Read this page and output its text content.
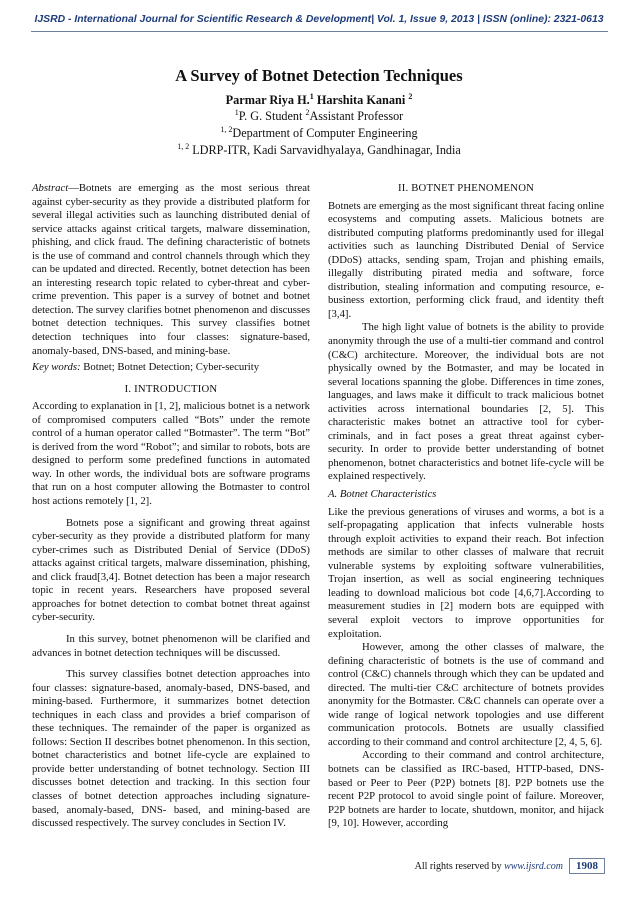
IJSRD - International Journal for Scientific Research & Development| Vol. 1, Issue 9, 2013 | ISSN (online): 2321-0613
A Survey of Botnet Detection Techniques
Parmar Riya H.$^1$ Harshita Kanani $^2$
$^1$P. G. Student $^2$Assistant Professor
$^{1, 2}$Department of Computer Engineering
$^{1, 2}$ LDRP-ITR, Kadi Sarvavidhyalaya, Gandhinagar, India

Abstract—Botnets are emerging as the most serious threat against cyber-security as they provide a distributed platform for several illegal activities such as launching distributed denial of service attacks against critical targets, malware dissemination, phishing, and click fraud. The defining characteristic of botnets is the use of command and control channels through which they can be updated and directed. Recently, botnet detection has been an interesting research topic related to cyber-threat and cyber-crime prevention. This paper is a survey of botnet and botnet detection. The survey clarifies botnet phenomenon and discusses botnet detection techniques. This survey classifies botnet detection techniques into four classes: signature-based, anomaly-based, DNS-based, and mining-base.

Key words: Botnet; Botnet Detection; Cyber-security

I. INTRODUCTION

According to explanation in [1, 2], malicious botnet is a network of compromised computers called “Bots” under the remote control of a human operator called “Botmaster”. The term “Bot” is derived from the word “Robot”; and similar to robots, bots are designed to perform some predefined functions in automated way. In other words, the individual bots are software programs that run on a host computer allowing the Botmaster to control host actions remotely [1, 2].

Botnets pose a significant and growing threat against cyber-security as they provide a distributed platform for many cyber-crimes such as Distributed Denial of Service (DDoS) attacks against critical targets, malware dissemination, phishing, and click fraud[3,4]. Botnet detection has been a major research topic in recent years. Researchers have proposed several approaches for botnet detection to combat botnet threat against cyber-security.

In this survey, botnet phenomenon will be clarified and advances in botnet detection techniques will be discussed.

This survey classifies botnet detection approaches into four classes: signature-based, anomaly-based, DNS-based, and mining-based. Furthermore, it summarizes botnet detection techniques in each class and provides a brief comparison of these techniques. The remainder of the paper is organized as follows: Section II describes botnet phenomenon. In this section, botnet characteristics and botnet life-cycle are explained to provide better understanding of botnet technology. Section III discusses botnet detection and tracking. In this section four classes of botnet detection approaches including signature-based, anomaly-based, DNS- based, and mining-based are discussed respectively. The survey concludes in Section IV.

II. BOTNET PHENOMENON

Botnets are emerging as the most significant threat facing online ecosystems and computing assets. Malicious botnets are distributed computing platforms predominantly used for illegal activities such as launching Distributed Denial of Service (DDoS) attacks, sending spam, Trojan and phishing emails, illegally distributing pirated media and software, force distribution, stealing information and computing resource, e- business extortion, performing click fraud, and identity theft [3,4].

The high light value of botnets is the ability to provide anonymity through the use of a multi-tier command and control (C&C) architecture. Moreover, the individual bots are not physically owned by the Botmaster, and may be located in several locations spanning the globe. Differences in time zones, languages, and laws make it difficult to track malicious botnet activities across international boundaries [2, 5]. This characteristic makes botnet an attractive tool for cyber- criminals, and in fact poses a great threat against cyber- security. In order to provide better understanding of botnet phenomenon, botnet characteristics and botnet life-cycle will be explained respectively.

A. Botnet Characteristics

Like the previous generations of viruses and worms, a bot is a self-propagating application that infects vulnerable hosts through exploit activities to expand their reach. Bot infection methods are similar to other classes of malware that recruit vulnerable systems by exploiting software vulnerabilities, Trojan insertion, as well as social engineering techniques leading to download malicious bot code [4,6,7].According to measurement studies in [2] modern bots are equipped with several exploit vectors to improve opportunities for exploitation.

However, among the other classes of malware, the defining characteristic of botnets is the use of command and control (C&C) channels through which they can be updated and directed. The multi-tier C&C architecture of botnets provides anonymity for the Botmaster. C&C channels can operate over a wide range of logical network topologies and use different communication protocols. Botnets are usually classified according to their command and control architecture [2, 4, 5, 6].

According to their command and control architecture, botnets can be classified as IRC-based, HTTP-based, DNS- based or Peer to Peer (P2P) botnets [8]. P2P botnets use the recent P2P protocol to avoid single point of failure. Moreover, P2P botnets are harder to locate, shutdown, monitor, and hijack [9, 10]. However, according

All rights reserved by www.ijsrd.com 1908
